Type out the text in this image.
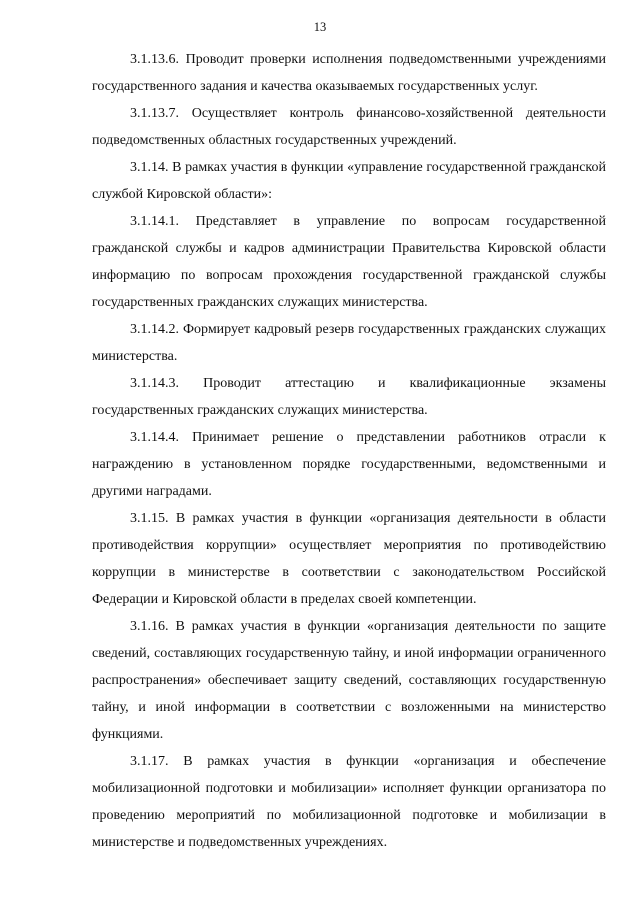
13

3.1.13.6. Проводит проверки исполнения подведомственными учреждениями государственного задания и качества оказываемых государственных услуг.

3.1.13.7. Осуществляет контроль финансово-хозяйственной деятельности подведомственных областных государственных учреждений.

3.1.14. В рамках участия в функции «управление государственной гражданской службой Кировской области»:

3.1.14.1. Представляет в управление по вопросам государственной гражданской службы и кадров администрации Правительства Кировской области информацию по вопросам прохождения государственной гражданской службы государственных гражданских служащих министерства.

3.1.14.2. Формирует кадровый резерв государственных гражданских служащих министерства.

3.1.14.3. Проводит аттестацию и квалификационные экзамены государственных гражданских служащих министерства.

3.1.14.4. Принимает решение о представлении работников отрасли к награждению в установленном порядке государственными, ведомственными и другими наградами.

3.1.15. В рамках участия в функции «организация деятельности в области противодействия коррупции» осуществляет мероприятия по противодействию коррупции в министерстве в соответствии с законодательством Российской Федерации и Кировской области в пределах своей компетенции.

3.1.16. В рамках участия в функции «организация деятельности по защите сведений, составляющих государственную тайну, и иной информации ограниченного распространения» обеспечивает защиту сведений, составляющих государственную тайну, и иной информации в соответствии с возложенными на министерство функциями.

3.1.17. В рамках участия в функции «организация и обеспечение мобилизационной подготовки и мобилизации» исполняет функции организатора по проведению мероприятий по мобилизационной подготовке и мобилизации в министерстве и подведомственных учреждениях.
